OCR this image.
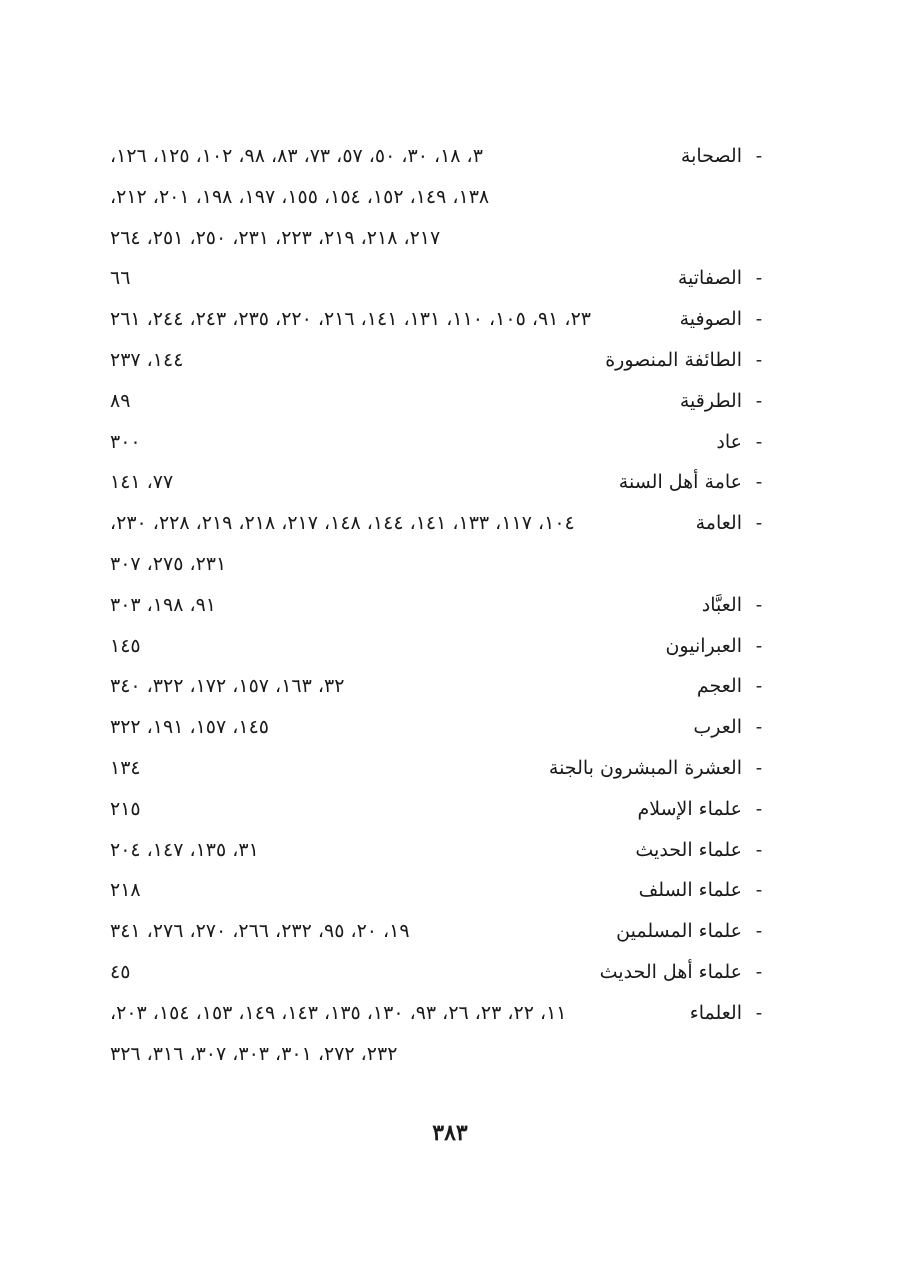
-
الصحابة
٣، ١٨، ٣٠، ٥٠، ٥٧، ٧٣، ٨٣، ٩٨، ١٠٢، ١٢٥، ١٢٦،
١٣٨، ١٤٩، ١٥٢، ١٥٤، ١٥٥، ١٩٧، ١٩٨، ٢٠١، ٢١٢،
٢١٧، ٢١٨، ٢١٩، ٢٢٣، ٢٣١، ٢٥٠، ٢٥١، ٢٦٤
-
الصفاتية
٦٦
-
الصوفية
٢٣، ٩١، ١٠٥، ١١٠، ١٣١، ١٤١، ٢١٦، ٢٢٠، ٢٣٥، ٢٤٣، ٢٤٤، ٢٦١
-
الطائفة المنصورة
١٤٤، ٢٣٧
-
الطرقية
٨٩
-
عاد
٣٠٠
-
عامة أهل السنة
٧٧، ١٤١
-
العامة
١٠٤، ١١٧، ١٣٣، ١٤١، ١٤٤، ١٤٨، ٢١٧، ٢١٨، ٢١٩، ٢٢٨، ٢٣٠،
٢٣١، ٢٧٥، ٣٠٧
-
العبَّاد
٩١، ١٩٨، ٣٠٣
-
العبرانيون
١٤٥
-
العجم
٣٢، ١٦٣، ١٥٧، ١٧٢، ٣٢٢، ٣٤٠
-
العرب
١٤٥، ١٥٧، ١٩١، ٣٢٢
-
العشرة المبشرون بالجنة
١٣٤
-
علماء الإسلام
٢١٥
-
علماء الحديث
٣١، ١٣٥، ١٤٧، ٢٠٤
-
علماء السلف
٢١٨
-
علماء المسلمين
١٩، ٢٠، ٩٥، ٢٣٢، ٢٦٦، ٢٧٠، ٢٧٦، ٣٤١
-
علماء أهل الحديث
٤٥
-
العلماء
١١، ٢٢، ٢٣، ٢٦، ٩٣، ١٣٠، ١٣٥، ١٤٣، ١٤٩، ١٥٣، ١٥٤، ٢٠٣،
٢٣٢، ٢٧٢، ٣٠١، ٣٠٣، ٣٠٧، ٣١٦، ٣٢٦
٣٨٣
